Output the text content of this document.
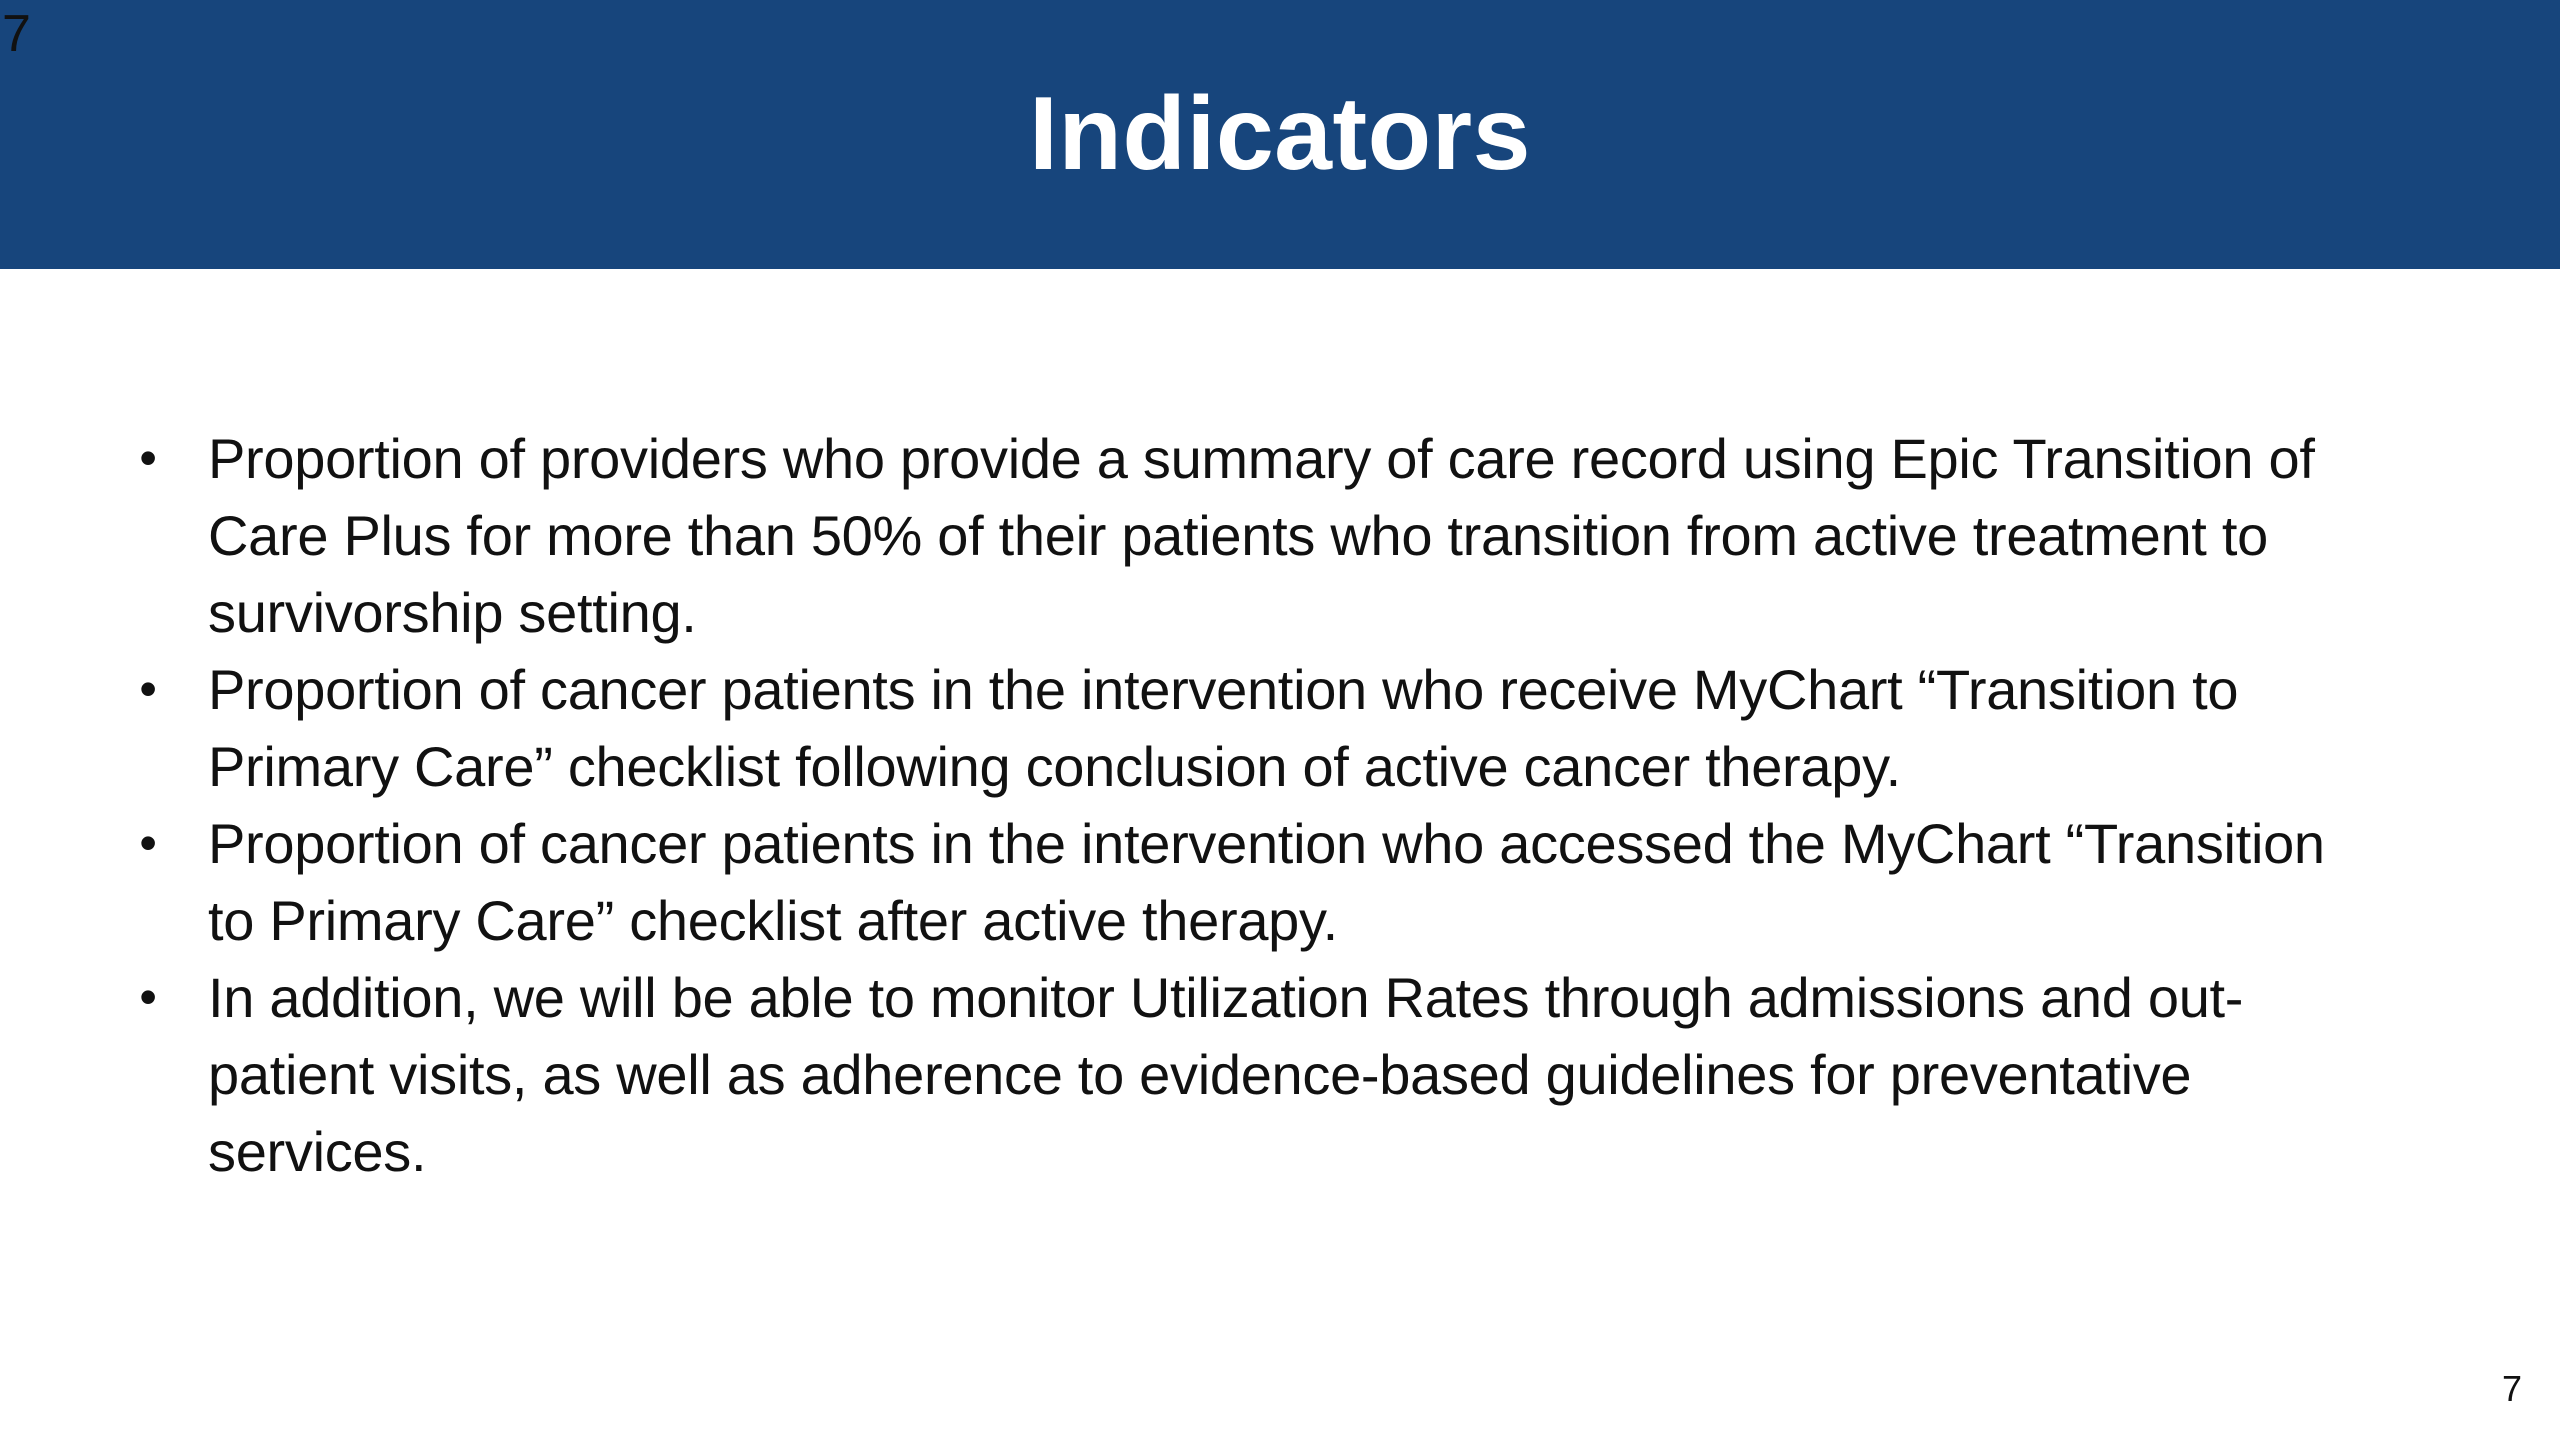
Indicators
7
• Proportion of providers who provide a summary of care record using Epic Transition of Care Plus for more than 50% of their patients who transition from active treatment to survivorship setting.
• Proportion of cancer patients in the intervention who receive MyChart “Transition to Primary Care” checklist following conclusion of active cancer therapy.
• Proportion of cancer patients in the intervention who accessed the MyChart “Transition to Primary Care” checklist after active therapy.
• In addition, we will be able to monitor Utilization Rates through admissions and out-patient visits, as well as adherence to evidence-based guidelines for preventative services.
7
